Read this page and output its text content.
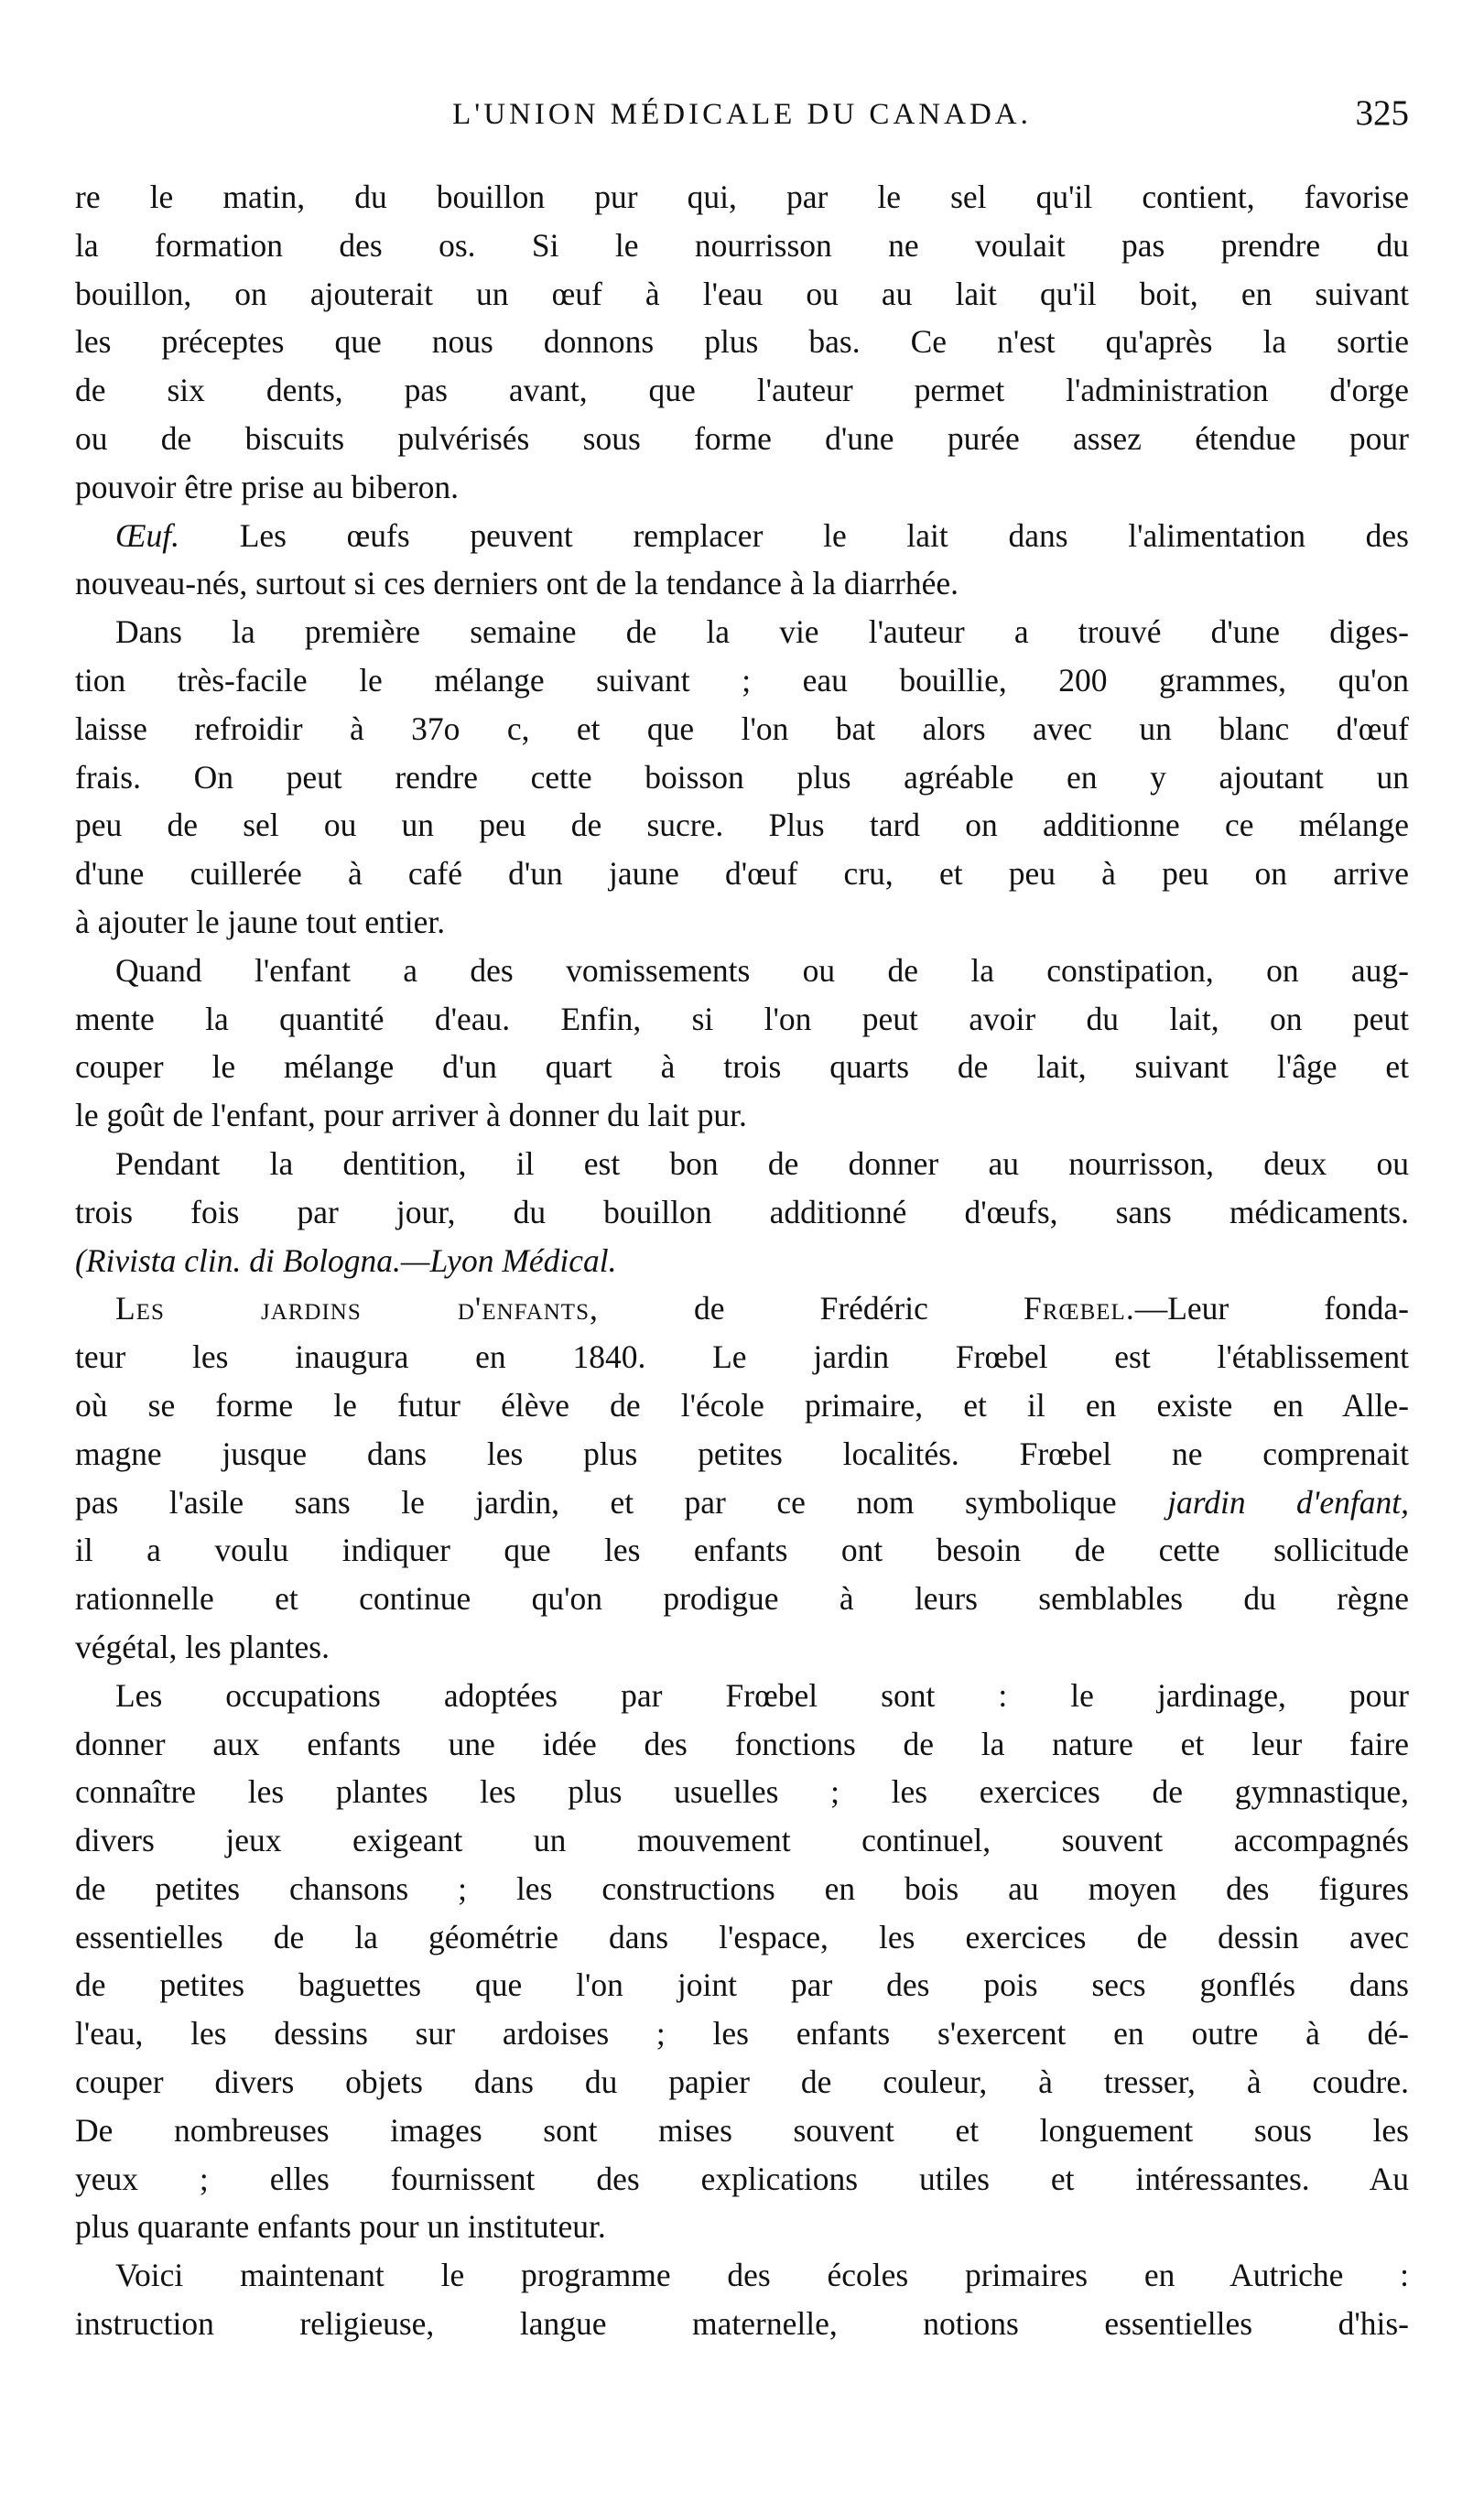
L'UNION MÉDICALE DU CANADA.	325
re le matin, du bouillon pur qui, par le sel qu'il contient, favorise
la formation des os. Si le nourrisson ne voulait pas prendre du
bouillon, on ajouterait un œuf à l'eau ou au lait qu'il boit, en suivant
les préceptes que nous donnons plus bas. Ce n'est qu'après la sortie
de six dents, pas avant, que l'auteur permet l'administration d'orge
ou de biscuits pulvérisés sous forme d'une purée assez étendue pour
pouvoir être prise au biberon.
Œuf. Les œufs peuvent remplacer le lait dans l'alimentation des
nouveau-nés, surtout si ces derniers ont de la tendance à la diarrhée.
Dans la première semaine de la vie l'auteur a trouvé d'une diges-
tion très-facile le mélange suivant ; eau bouillie, 200 grammes, qu'on
laisse refroidir à 37o c, et que l'on bat alors avec un blanc d'œuf
frais. On peut rendre cette boisson plus agréable en y ajoutant un
peu de sel ou un peu de sucre. Plus tard on additionne ce mélange
d'une cuillerée à café d'un jaune d'œuf cru, et peu à peu on arrive
à ajouter le jaune tout entier.
Quand l'enfant a des vomissements ou de la constipation, on aug-
mente la quantité d'eau. Enfin, si l'on peut avoir du lait, on peut
couper le mélange d'un quart à trois quarts de lait, suivant l'âge et
le goût de l'enfant, pour arriver à donner du lait pur.
Pendant la dentition, il est bon de donner au nourrisson, deux ou
trois fois par jour, du bouillon additionné d'œufs, sans médicaments.
(Rivista clin. di Bologna.—Lyon Médical.
Les jardins d'enfants, de Frédéric Frœbel.—Leur fonda-
teur les inaugura en 1840. Le jardin Frœbel est l'établissement
où se forme le futur élève de l'école primaire, et il en existe en Alle-
magne jusque dans les plus petites localités. Frœbel ne comprenait
pas l'asile sans le jardin, et par ce nom symbolique jardin d'enfant,
il a voulu indiquer que les enfants ont besoin de cette sollicitude
rationnelle et continue qu'on prodigue à leurs semblables du règne
végétal, les plantes.
Les occupations adoptées par Frœbel sont : le jardinage, pour
donner aux enfants une idée des fonctions de la nature et leur faire
connaître les plantes les plus usuelles ; les exercices de gymnastique,
divers jeux exigeant un mouvement continuel, souvent accompagnés
de petites chansons ; les constructions en bois au moyen des figures
essentielles de la géométrie dans l'espace, les exercices de dessin avec
de petites baguettes que l'on joint par des pois secs gonflés dans
l'eau, les dessins sur ardoises ; les enfants s'exercent en outre à dé-
couper divers objets dans du papier de couleur, à tresser, à coudre.
De nombreuses images sont mises souvent et longuement sous les
yeux ; elles fournissent des explications utiles et intéressantes. Au
plus quarante enfants pour un instituteur.
Voici maintenant le programme des écoles primaires en Autriche :
instruction religieuse, langue maternelle, notions essentielles d'his-
